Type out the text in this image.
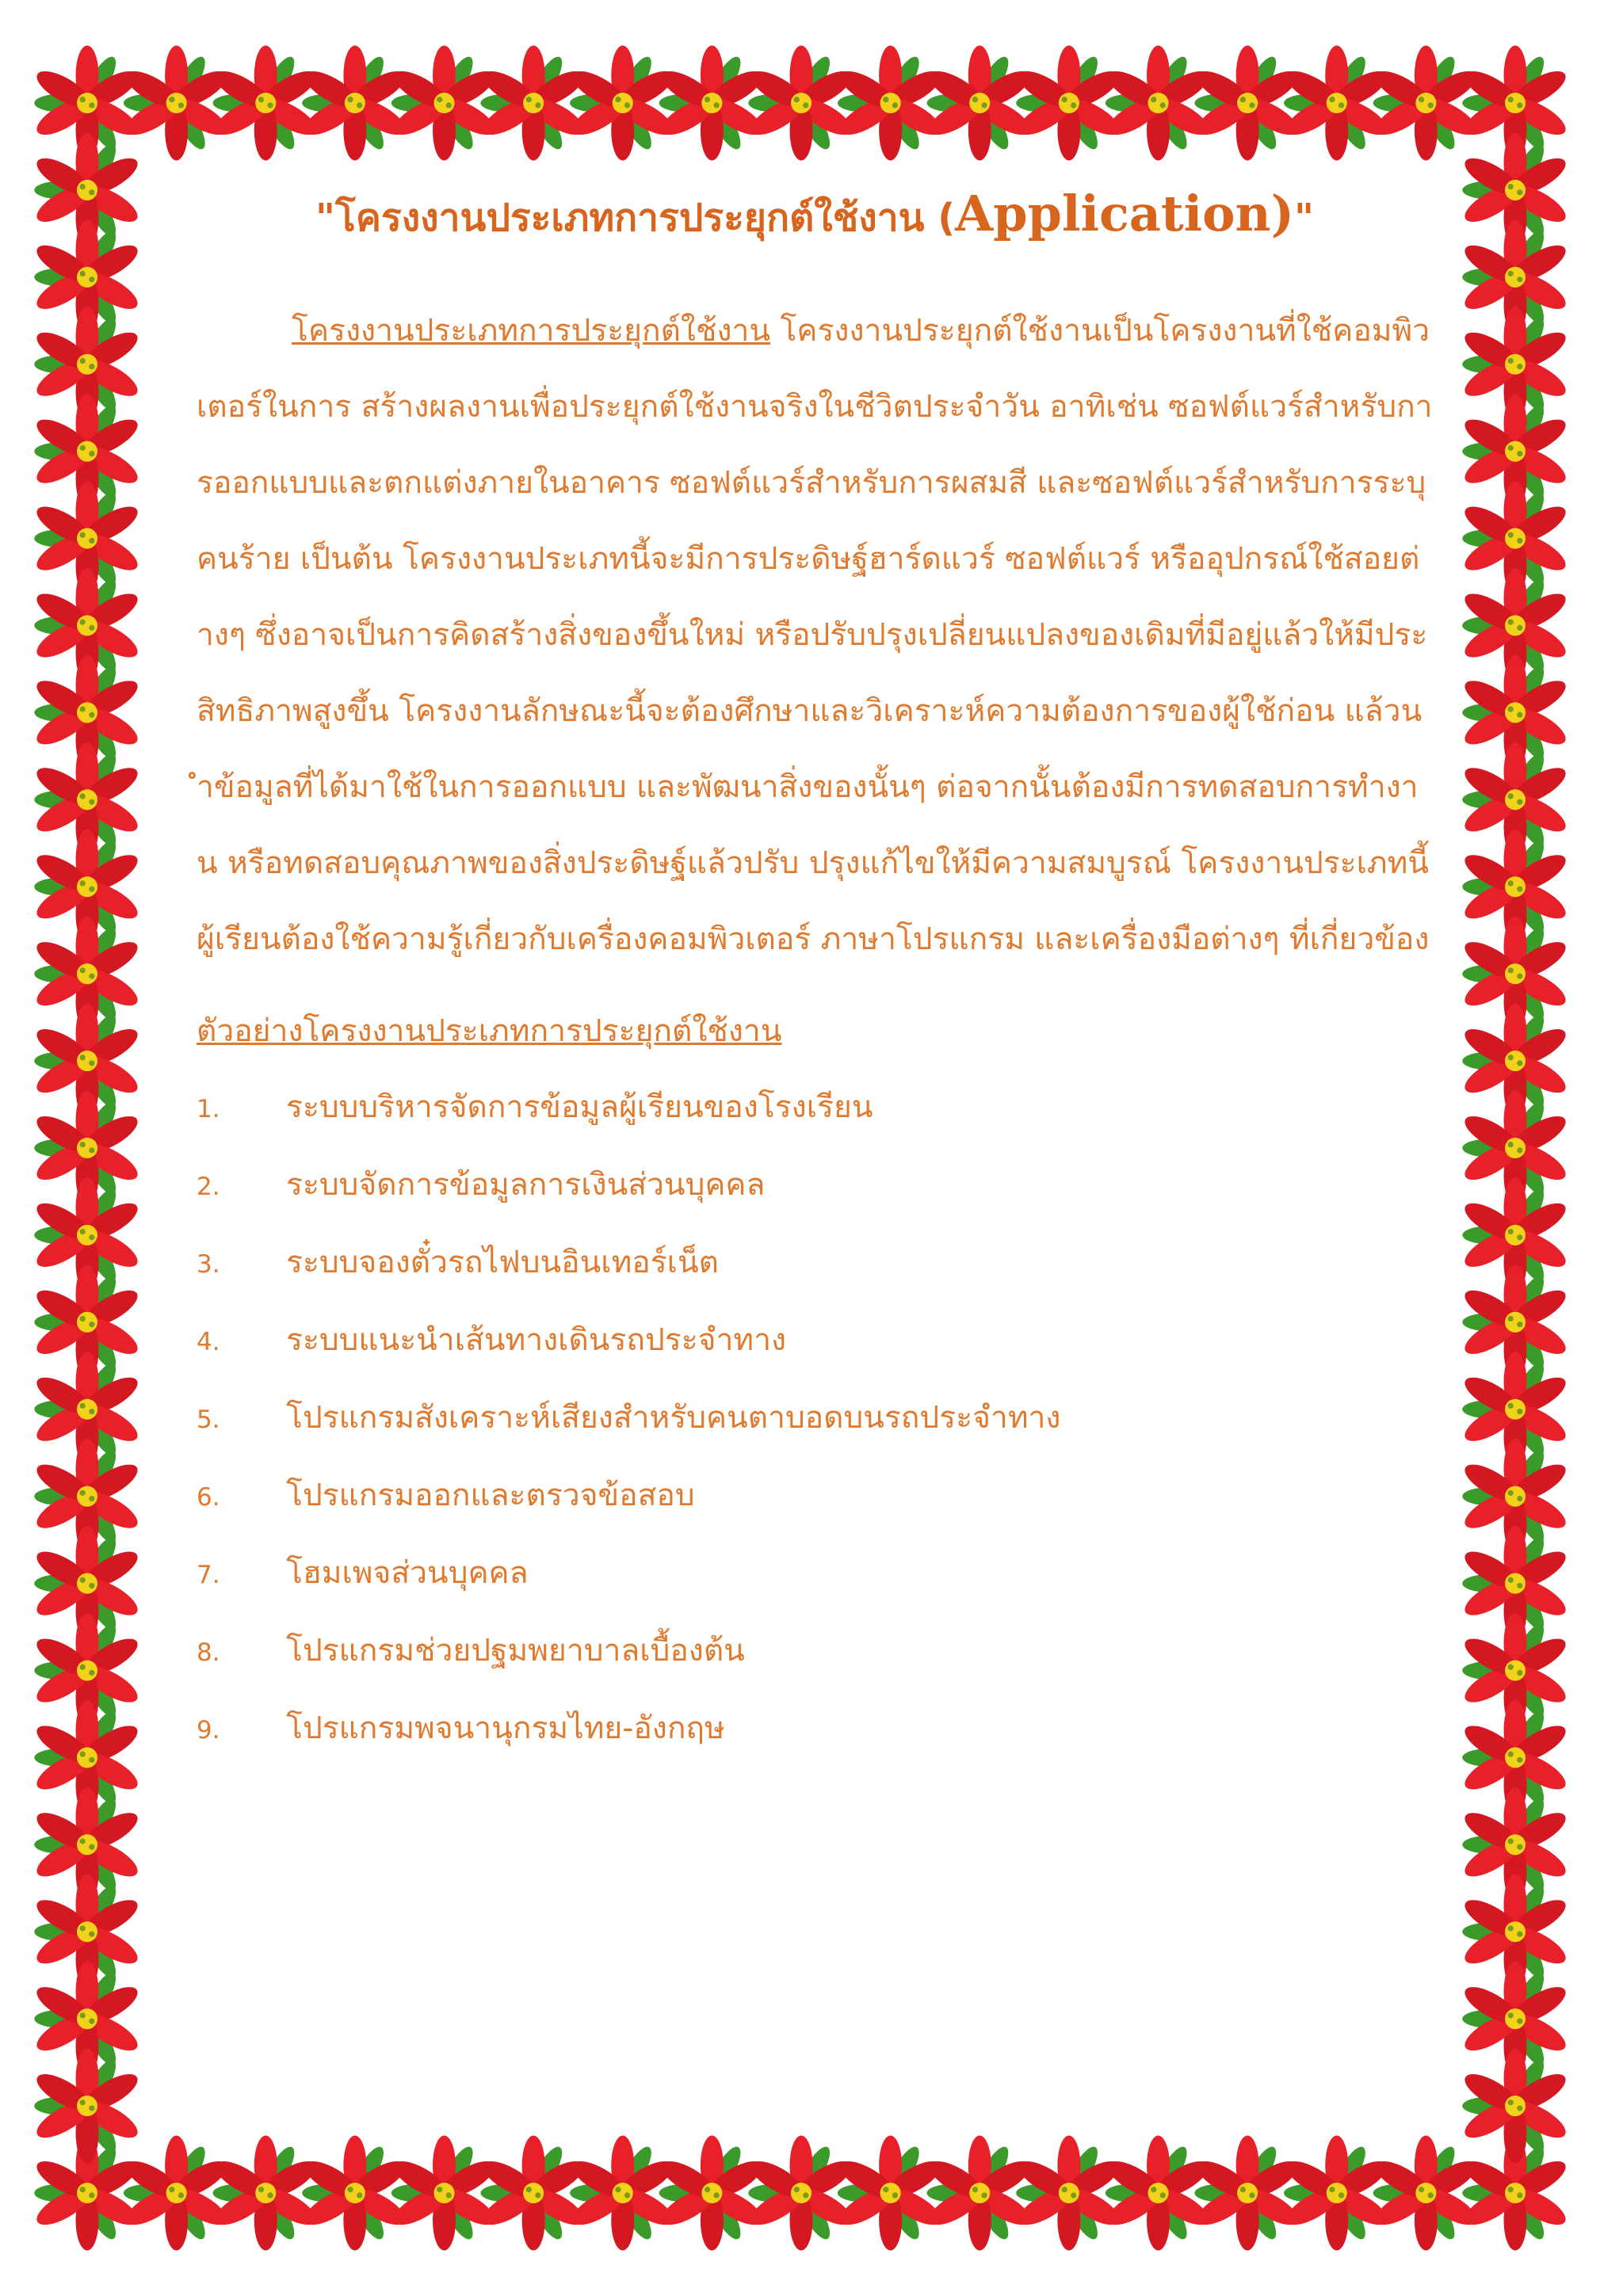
"โครงงานประเภทการประยุกต์ใช้งาน (Application)"

โครงงานประเภทการประยุกต์ใช้งาน โครงงานประยุกต์ใช้งานเป็นโครงงานที่ใช้คอมพิวเตอร์ในการ สร้างผลงานเพื่อประยุกต์ใช้งานจริงในชีวิตประจำวัน อาทิเช่น ซอฟต์แวร์สำหรับการออกแบบและตกแต่งภายในอาคาร ซอฟต์แวร์สำหรับการผสมสี และซอฟต์แวร์สำหรับการระบุคนร้าย เป็นต้น โครงงานประเภทนี้จะมีการประดิษฐ์ฮาร์ดแวร์ ซอฟต์แวร์ หรืออุปกรณ์ใช้สอยต่างๆ ซึ่งอาจเป็นการคิดสร้างสิ่งของขึ้นใหม่ หรือปรับปรุงเปลี่ยนแปลงของเดิมที่มีอยู่แล้วให้มีประสิทธิภาพสูงขึ้น โครงงานลักษณะนี้จะต้องศึกษาและวิเคราะห์ความต้องการของผู้ใช้ก่อน แล้วนำข้อมูลที่ได้มาใช้ในการออกแบบ และพัฒนาสิ่งของนั้นๆ ต่อจากนั้นต้องมีการทดสอบการทำงาน หรือทดสอบคุณภาพของสิ่งประดิษฐ์แล้วปรับ ปรุงแก้ไขให้มีความสมบูรณ์ โครงงานประเภทนี้ผู้เรียนต้องใช้ความรู้เกี่ยวกับเครื่องคอมพิวเตอร์ ภาษาโปรแกรม และเครื่องมือต่างๆ ที่เกี่ยวข้อง

ตัวอย่างโครงงานประเภทการประยุกต์ใช้งาน
1.	ระบบบริหารจัดการข้อมูลผู้เรียนของโรงเรียน
2.	ระบบจัดการข้อมูลการเงินส่วนบุคคล
3.	ระบบจองตั๋วรถไฟบนอินเทอร์เน็ต
4.	ระบบแนะนำเส้นทางเดินรถประจำทาง
5.	โปรแกรมสังเคราะห์เสียงสำหรับคนตาบอดบนรถประจำทาง
6.	โปรแกรมออกและตรวจข้อสอบ
7.	โฮมเพจส่วนบุคคล
8.	โปรแกรมช่วยปฐมพยาบาลเบื้องต้น
9.	โปรแกรมพจนานุกรมไทย-อังกฤษ
